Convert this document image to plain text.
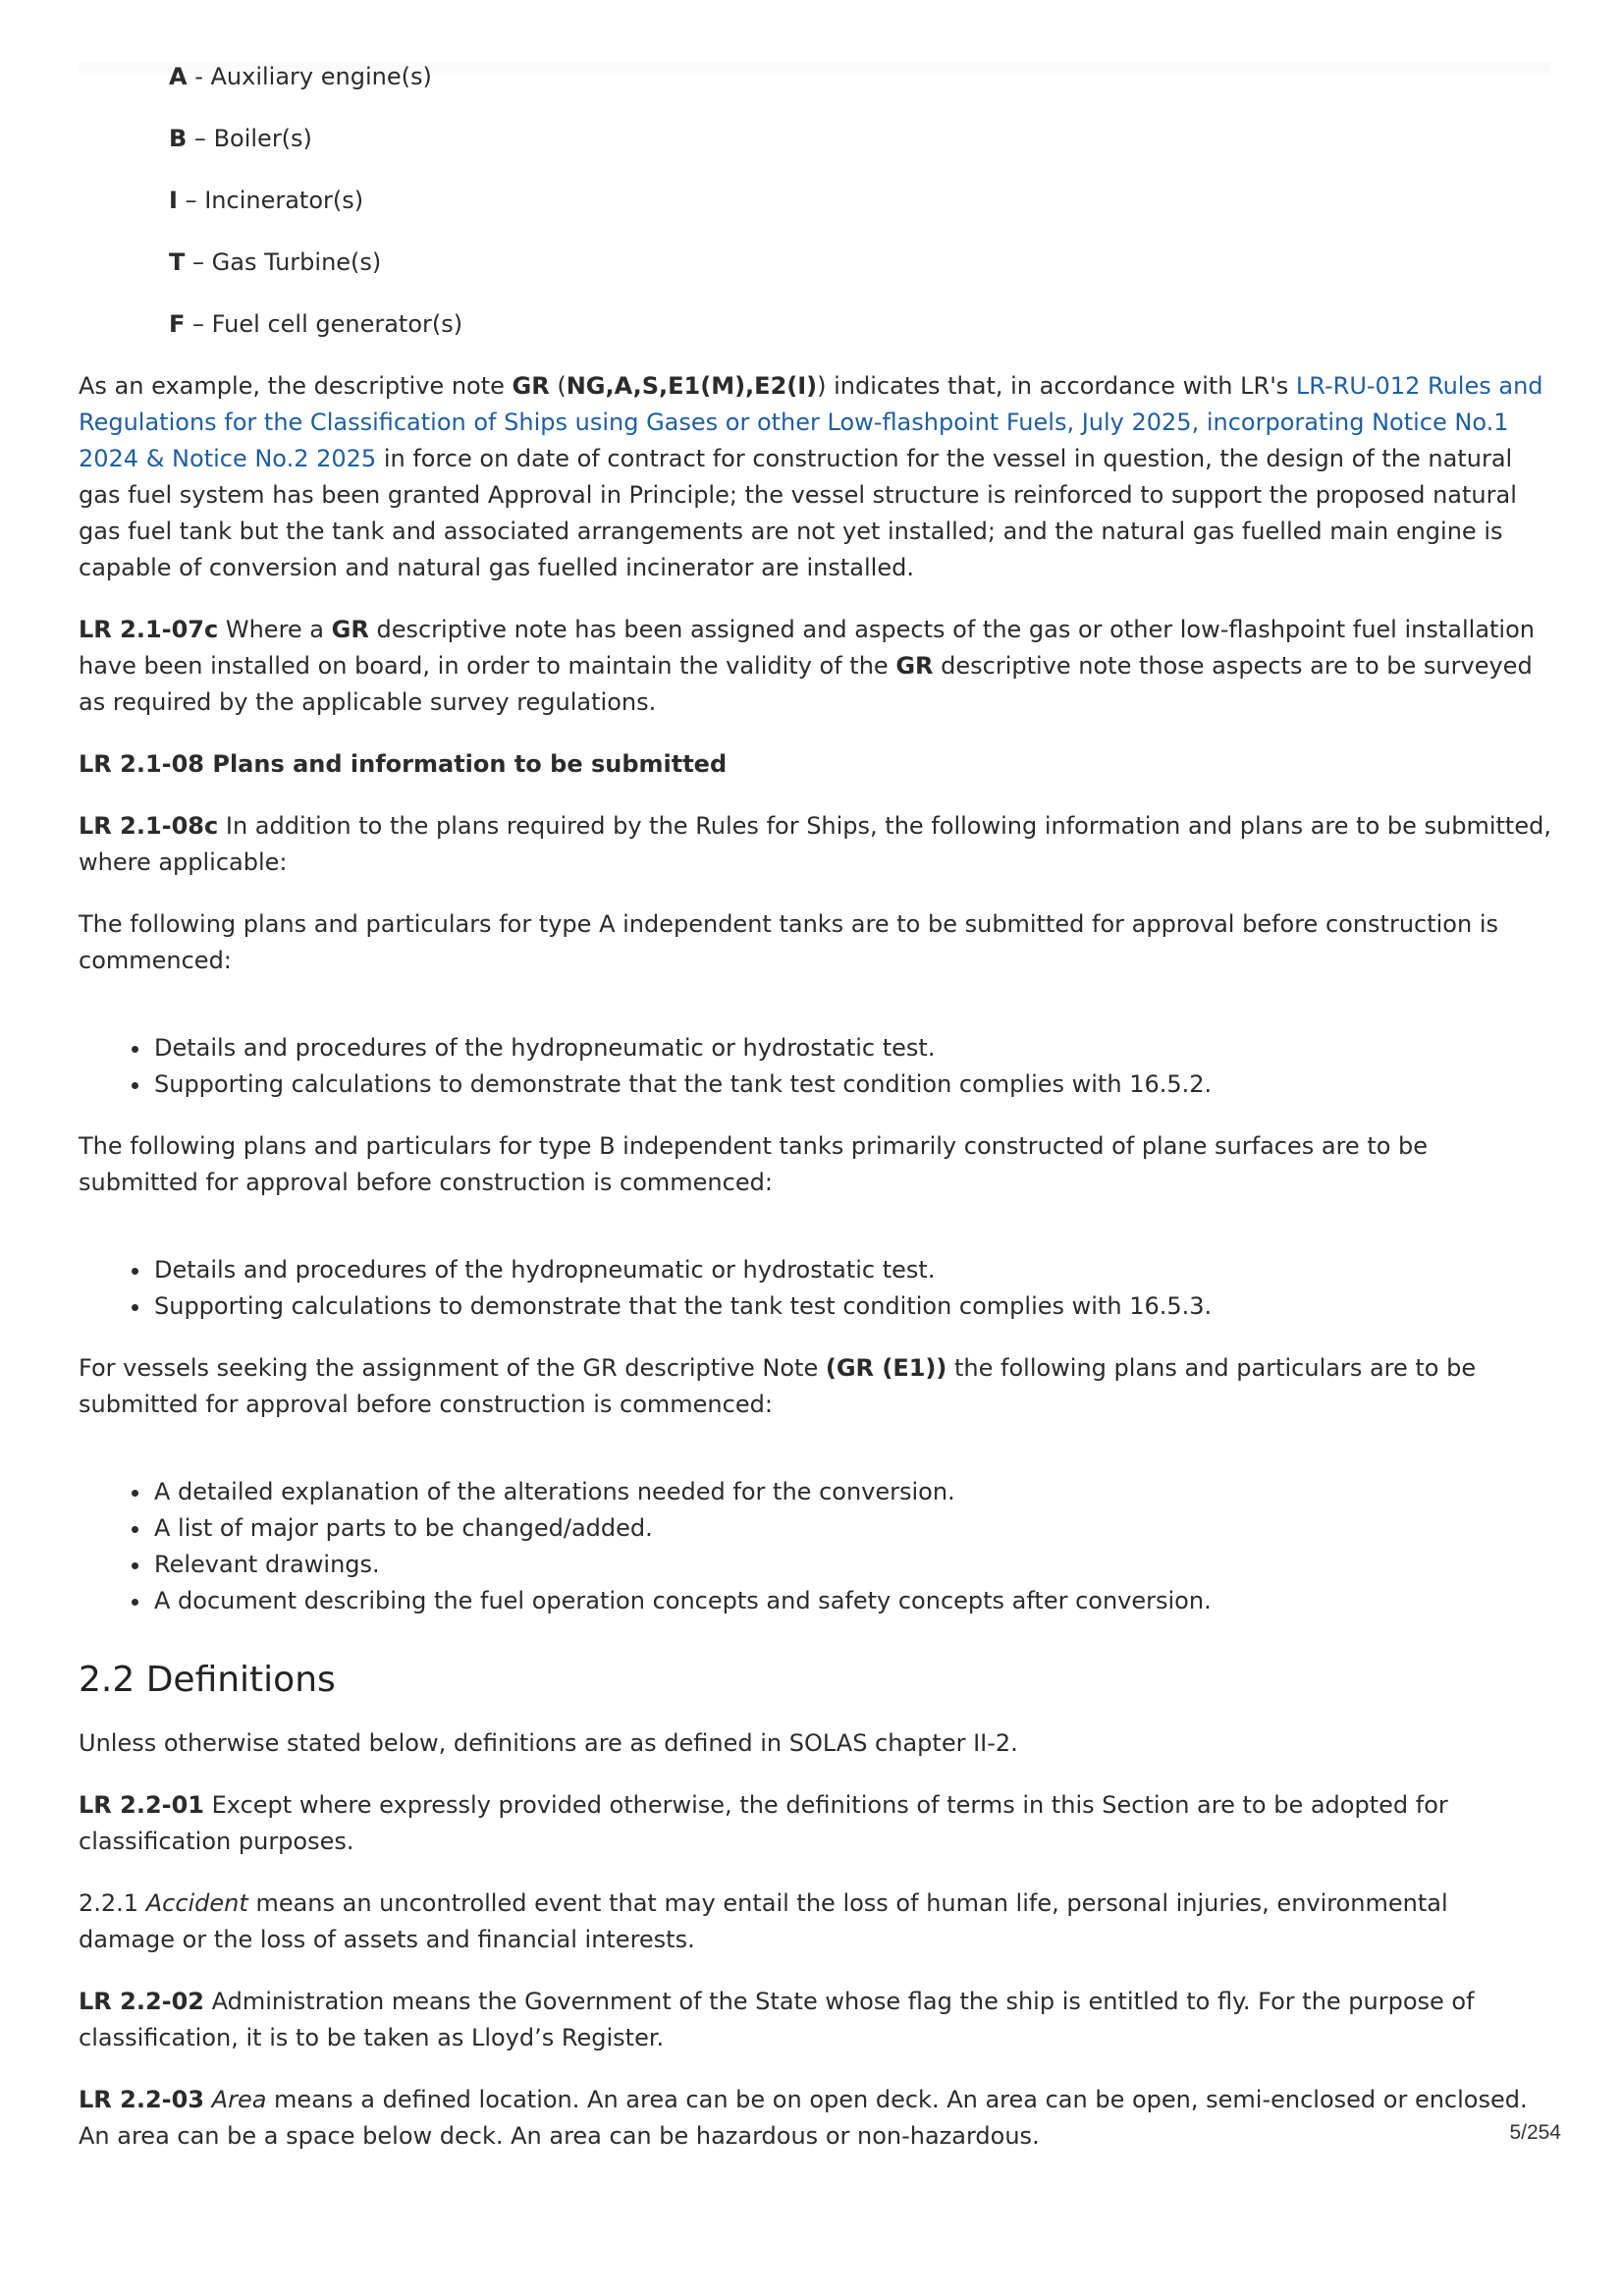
A - Auxiliary engine(s)
B – Boiler(s)
I – Incinerator(s)
T – Gas Turbine(s)
F – Fuel cell generator(s)

As an example, the descriptive note GR (NG,A,S,E1(M),E2(I)) indicates that, in accordance with LR's LR-RU-012 Rules and Regulations for the Classification of Ships using Gases or other Low-flashpoint Fuels, July 2025, incorporating Notice No.1 2024 & Notice No.2 2025 in force on date of contract for construction for the vessel in question, the design of the natural gas fuel system has been granted Approval in Principle; the vessel structure is reinforced to support the proposed natural gas fuel tank but the tank and associated arrangements are not yet installed; and the natural gas fuelled main engine is capable of conversion and natural gas fuelled incinerator are installed.

LR 2.1-07c Where a GR descriptive note has been assigned and aspects of the gas or other low-flashpoint fuel installation have been installed on board, in order to maintain the validity of the GR descriptive note those aspects are to be surveyed as required by the applicable survey regulations.

LR 2.1-08 Plans and information to be submitted

LR 2.1-08c In addition to the plans required by the Rules for Ships, the following information and plans are to be submitted, where applicable:

The following plans and particulars for type A independent tanks are to be submitted for approval before construction is commenced:

• Details and procedures of the hydropneumatic or hydrostatic test.
• Supporting calculations to demonstrate that the tank test condition complies with 16.5.2.

The following plans and particulars for type B independent tanks primarily constructed of plane surfaces are to be submitted for approval before construction is commenced:

• Details and procedures of the hydropneumatic or hydrostatic test.
• Supporting calculations to demonstrate that the tank test condition complies with 16.5.3.

For vessels seeking the assignment of the GR descriptive Note (GR (E1)) the following plans and particulars are to be submitted for approval before construction is commenced:

• A detailed explanation of the alterations needed for the conversion.
• A list of major parts to be changed/added.
• Relevant drawings.
• A document describing the fuel operation concepts and safety concepts after conversion.
2.2 Definitions

Unless otherwise stated below, definitions are as defined in SOLAS chapter II-2.

LR 2.2-01 Except where expressly provided otherwise, the definitions of terms in this Section are to be adopted for classification purposes.

2.2.1 Accident means an uncontrolled event that may entail the loss of human life, personal injuries, environmental damage or the loss of assets and financial interests.

LR 2.2-02 Administration means the Government of the State whose flag the ship is entitled to fly. For the purpose of classification, it is to be taken as Lloyd’s Register.

LR 2.2-03 Area means a defined location. An area can be on open deck. An area can be open, semi-enclosed or enclosed. An area can be a space below deck. An area can be hazardous or non-hazardous.	5/254
